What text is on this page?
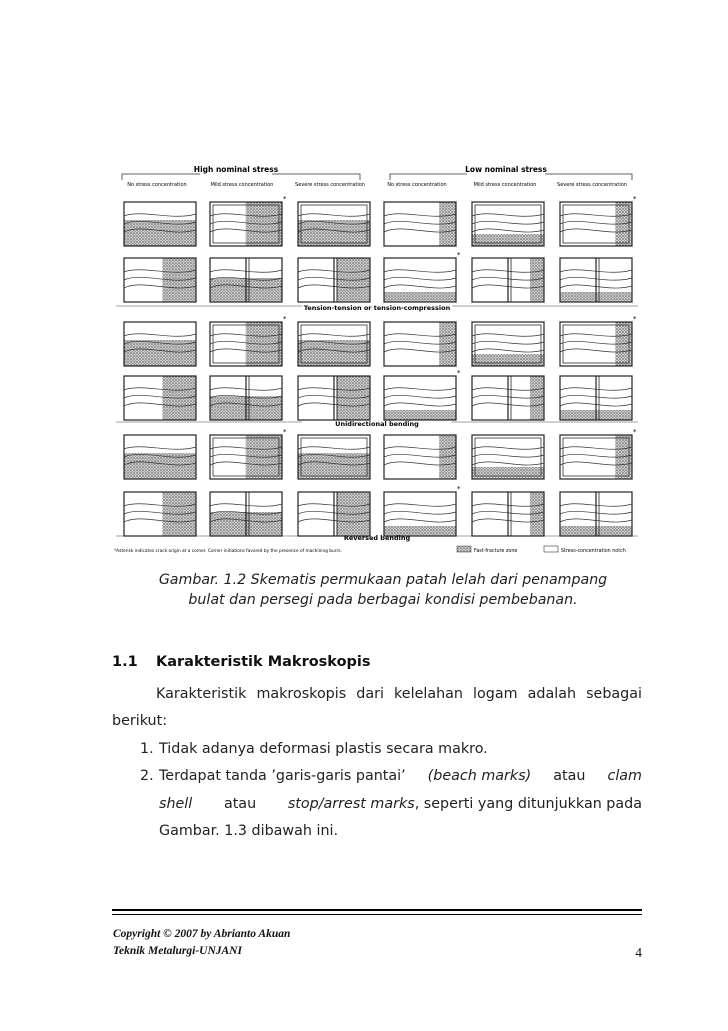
*	*
*
*	*
*
*	*
*
High nominal stress	Low nominal stress
No stress concentration	Mild stress concentration	Severe stress concentration	No stress concentration	Mild stress concentration	Severe stress concentration
Tension-tension or tension-compression
Unidirectional bending
Reversed bending
*Asterisk indicates crack origin at a corner. Corner initiations favored by the presence of machining burrs.	Fast-fracture zone	Stress-concentration notch
Gambar. 1.2 Skematis permukaan patah lelah dari penampang
bulat dan persegi pada berbagai kondisi pembebanan.
1.1 Karakteristik Makroskopis
Karakteristik makroskopis dari kelelahan logam adalah sebagai
berikut:
1. Tidak adanya deformasi plastis secara makro.
2. Terdapat tanda ’garis-garis pantai’ (beach marks) atau clam
shell atau stop/arrest marks, seperti yang ditunjukkan pada
Gambar. 1.3 dibawah ini.
Copyright © 2007 by Abrianto Akuan
Teknik Metalurgi-UNJANI	4
